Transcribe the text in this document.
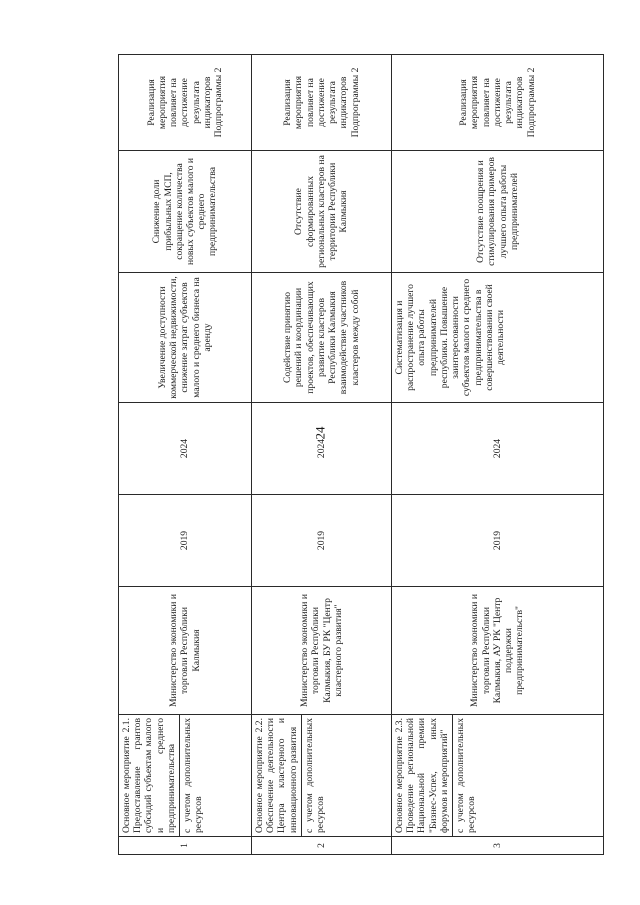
24
1	Основное мероприятие 2.1. Предоставление грантов субсидий субъектам малого и среднего предпринимательства с учетом дополнительных ресурсов	Министерство экономики и торговли Республики Калмыкия	2019	2024	Увеличение доступности коммерческой недвижимости, снижение затрат субъектов малого и среднего бизнеса на аренду	Снижение доли прибыльных МСП, сокращение количества новых субъектов малого и среднего предпринимательства	Реализация мероприятия повлияет на достижение результата индикаторов Подпрограммы 2
2	Основное мероприятие 2.2. Обеспечение деятельности Центра кластерного и инновационного развития с учетом дополнительных ресурсов	Министерство экономики и торговли Республики Калмыкия, БУ РК "Центр кластерного развития"	2019	2024	Содействие принятию решений и координации проектов, обеспечивающих развитие кластеров Республики Калмыкия взаимодействие участников кластеров между собой	Отсутствие сформированных региональных кластеров на территории Республики Калмыкия	Реализация мероприятия повлияет на достижение результата индикаторов Подпрограммы 2
3	Основное мероприятие 2.3. Проведение региональной Национальной премии "Бизнес-Успех, иных форумов и мероприятий" с учетом дополнительных ресурсов	Министерство экономики и торговли Республики Калмыкия, АУ РК "Центр поддержки предпринимательств"	2019	2024	Систематизация и распространение лучшего опыта работы предпринимателей республики. Повышение заинтересованности субъектов малого и среднего предпринимательства в совершенствовании своей деятельности	Отсутствие поощрения и стимулирования примеров лучшего опыта работы предпринимателей	Реализация мероприятия повлияет на достижение результата индикаторов Подпрограммы 2
